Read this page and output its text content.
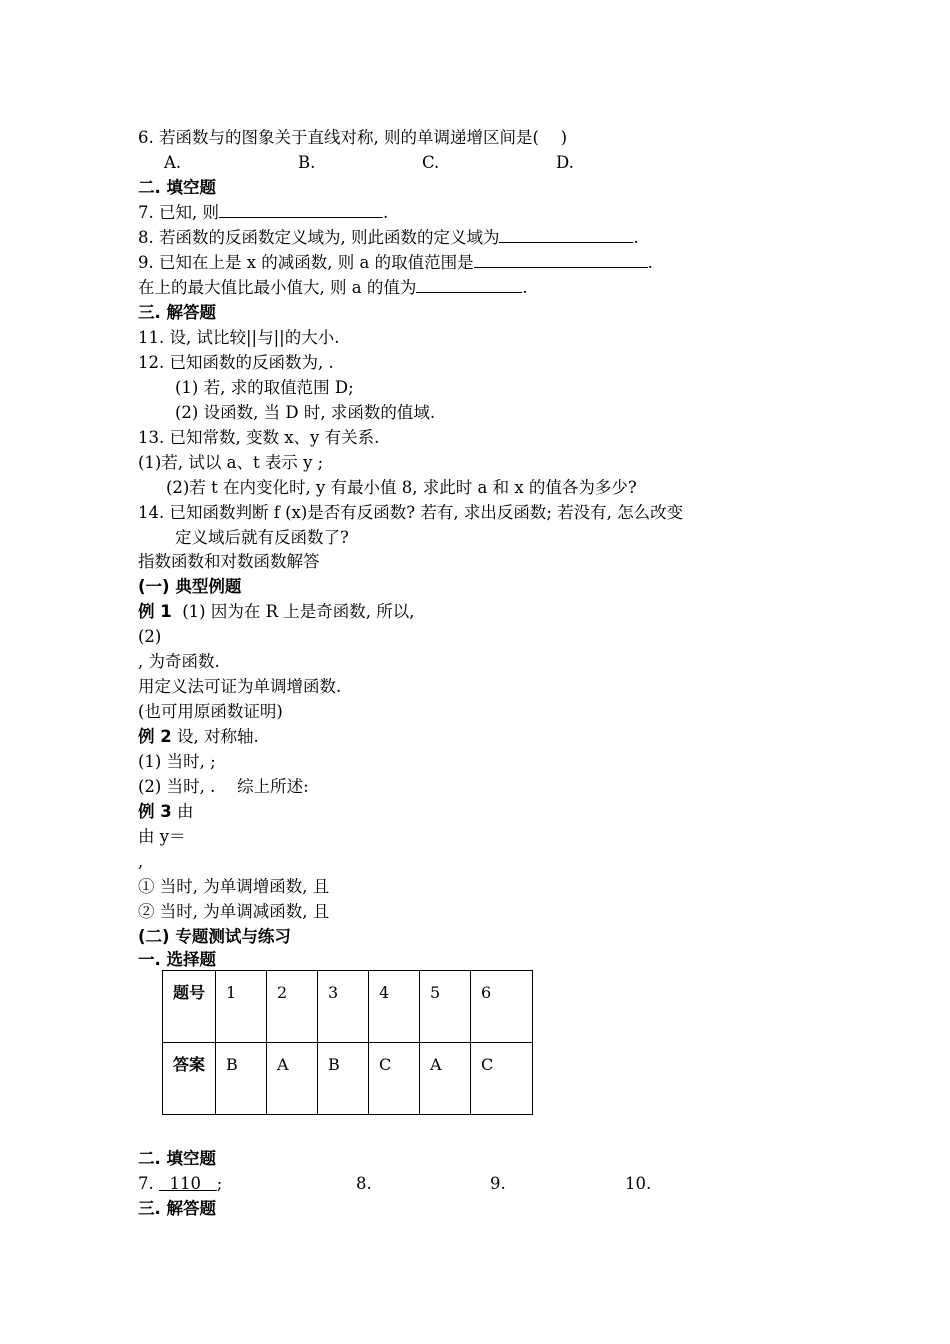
6. 若函数与的图象关于直线对称, 则的单调递增区间是(　 )
A.	B.	C.	D.
二. 填空题
7. 已知, 则	.
8. 若函数的反函数定义域为, 则此函数的定义域为	.
9. 已知在上是 x 的减函数, 则 a 的取值范围是	.
在上的最大值比最小值大, 则 a 的值为	.
三. 解答题
11. 设, 试比较||与||的大小.
12. 已知函数的反函数为, .
(1) 若, 求的取值范围 D;
(2) 设函数, 当 D 时, 求函数的值域.
13. 已知常数, 变数 x、y 有关系.
(1)若, 试以 a、t 表示 y ;
(2)若 t 在内变化时, y 有最小值 8, 求此时 a 和 x 的值各为多少?
14. 已知函数判断 f (x)是否有反函数? 若有, 求出反函数; 若没有, 怎么改变
定义域后就有反函数了?
指数函数和对数函数解答
(一) 典型例题
例 1 (1) 因为在 R 上是奇函数, 所以,
(2)
, 为奇函数.
用定义法可证为单调增函数.
(也可用原函数证明)
例 2 设, 对称轴.
(1) 当时, ;
(2) 当时, .　 综上所述:
例 3 由
由 y＝
,
① 当时, 为单调增函数, 且
② 当时, 为单调减函数, 且
(二) 专题测试与练习
一. 选择题
题号	1	2	3	4	5	6
答案	B	A	B	C	A	C
二. 填空题
7. 110 ;	8.	9.	10.
三. 解答题
